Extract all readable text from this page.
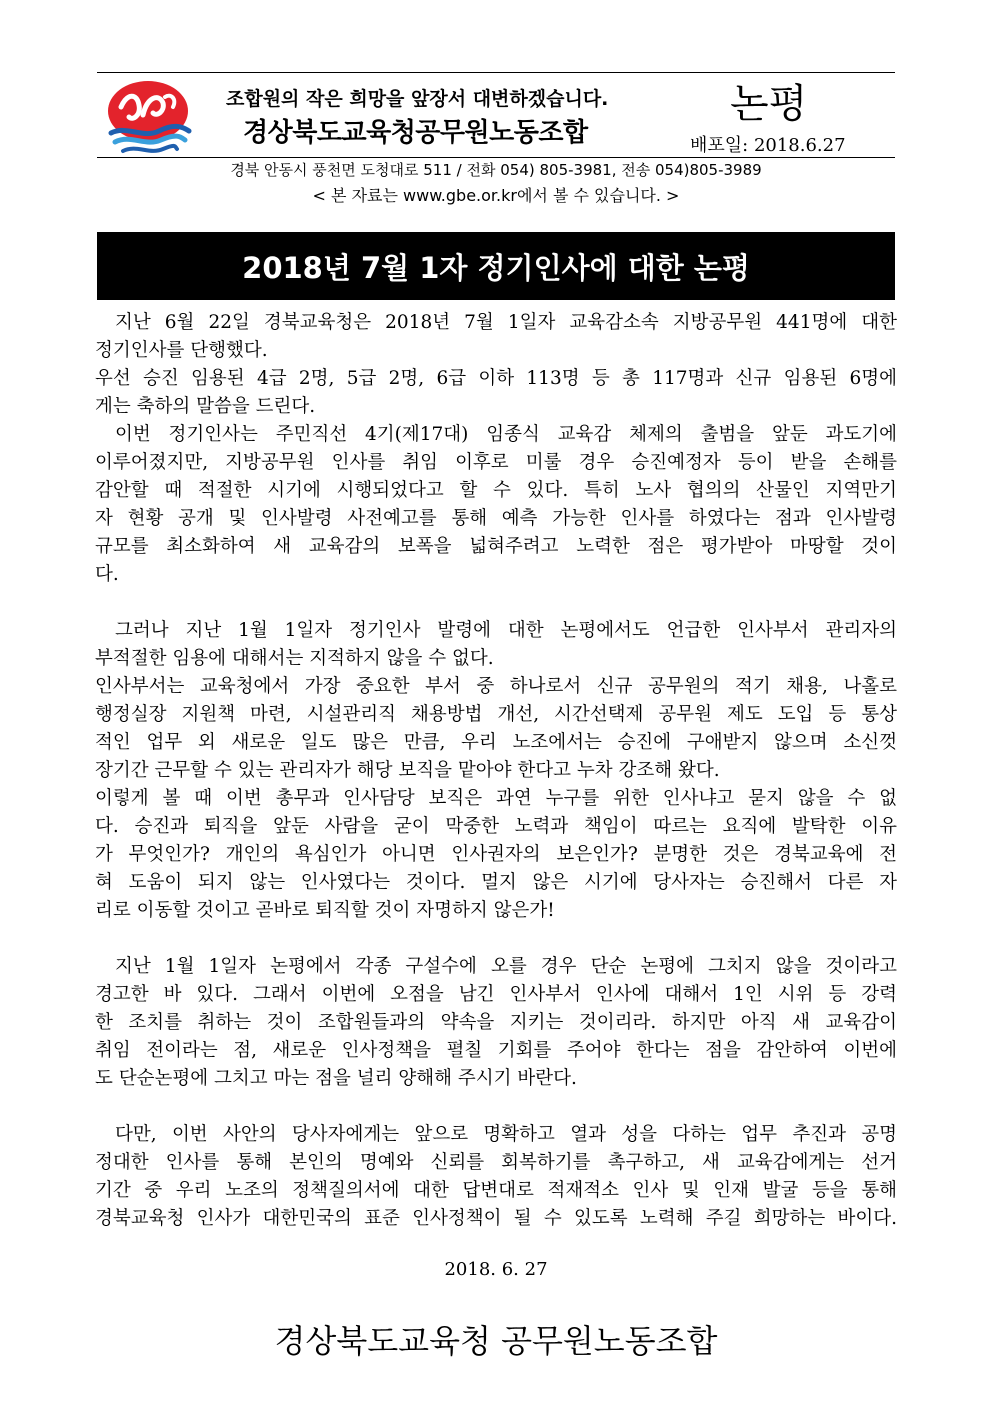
조합원의 작은 희망을 앞장서 대변하겠습니다.
경상북도교육청공무원노동조합
논평
배포일: 2018.6.27
경북 안동시 풍천면 도청대로 511 / 전화 054) 805-3981, 전송 054)805-3989
< 본 자료는 www.gbe.or.kr에서 볼 수 있습니다. >
2018년 7월 1자 정기인사에 대한 논평
지난 6월 22일 경북교육청은 2018년 7월 1일자 교육감소속 지방공무원 441명에 대한
정기인사를 단행했다.
우선 승진 임용된 4급 2명, 5급 2명, 6급 이하 113명 등 총 117명과 신규 임용된 6명에
게는 축하의 말씀을 드린다.
이번 정기인사는 주민직선 4기(제17대) 임종식 교육감 체제의 출범을 앞둔 과도기에
이루어졌지만, 지방공무원 인사를 취임 이후로 미룰 경우 승진예정자 등이 받을 손해를
감안할 때 적절한 시기에 시행되었다고 할 수 있다. 특히 노사 협의의 산물인 지역만기
자 현황 공개 및 인사발령 사전예고를 통해 예측 가능한 인사를 하였다는 점과 인사발령
규모를 최소화하여 새 교육감의 보폭을 넓혀주려고 노력한 점은 평가받아 마땅할 것이
다.
그러나 지난 1월 1일자 정기인사 발령에 대한 논평에서도 언급한 인사부서 관리자의
부적절한 임용에 대해서는 지적하지 않을 수 없다.
인사부서는 교육청에서 가장 중요한 부서 중 하나로서 신규 공무원의 적기 채용, 나홀로
행정실장 지원책 마련, 시설관리직 채용방법 개선, 시간선택제 공무원 제도 도입 등 통상
적인 업무 외 새로운 일도 많은 만큼, 우리 노조에서는 승진에 구애받지 않으며 소신껏
장기간 근무할 수 있는 관리자가 해당 보직을 맡아야 한다고 누차 강조해 왔다.
이렇게 볼 때 이번 총무과 인사담당 보직은 과연 누구를 위한 인사냐고 묻지 않을 수 없
다. 승진과 퇴직을 앞둔 사람을 굳이 막중한 노력과 책임이 따르는 요직에 발탁한 이유
가 무엇인가? 개인의 욕심인가 아니면 인사권자의 보은인가? 분명한 것은 경북교육에 전
혀 도움이 되지 않는 인사였다는 것이다. 멀지 않은 시기에 당사자는 승진해서 다른 자
리로 이동할 것이고 곧바로 퇴직할 것이 자명하지 않은가!
지난 1월 1일자 논평에서 각종 구설수에 오를 경우 단순 논평에 그치지 않을 것이라고
경고한 바 있다. 그래서 이번에 오점을 남긴 인사부서 인사에 대해서 1인 시위 등 강력
한 조치를 취하는 것이 조합원들과의 약속을 지키는 것이리라. 하지만 아직 새 교육감이
취임 전이라는 점, 새로운 인사정책을 펼칠 기회를 주어야 한다는 점을 감안하여 이번에
도 단순논평에 그치고 마는 점을 널리 양해해 주시기 바란다.
다만, 이번 사안의 당사자에게는 앞으로 명확하고 열과 성을 다하는 업무 추진과 공명
정대한 인사를 통해 본인의 명예와 신뢰를 회복하기를 촉구하고, 새 교육감에게는 선거
기간 중 우리 노조의 정책질의서에 대한 답변대로 적재적소 인사 및 인재 발굴 등을 통해
경북교육청 인사가 대한민국의 표준 인사정책이 될 수 있도록 노력해 주길 희망하는 바이다.
2018. 6. 27
경상북도교육청 공무원노동조합
